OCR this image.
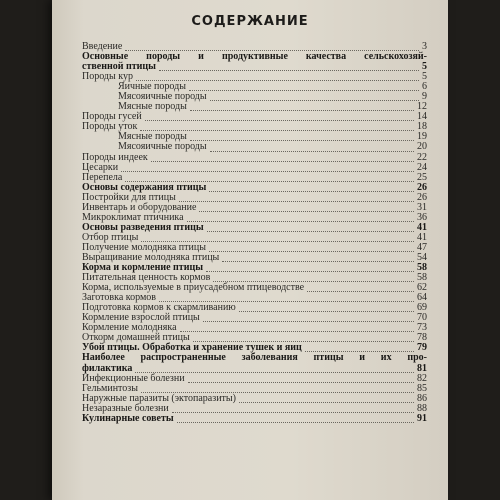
СОДЕРЖАНИЕ
Введение	3
Основные породы и продуктивные качества сельскохозяй-
ственной птицы	5
Породы кур	5
Яичные породы	6
Мясояичные породы	9
Мясные породы	12
Породы гусей	14
Породы уток	18
Мясные породы	19
Мясояичные породы	20
Породы индеек	22
Цесарки	24
Перепела	25
Основы содержания птицы	26
Постройки для птицы	26
Инвентарь и оборудование	31
Микроклимат птичника	36
Основы разведения птицы	41
Отбор птицы	41
Получение молодняка птицы	47
Выращивание молодняка птицы	54
Корма и кормление птицы	58
Питательная ценность кормов	58
Корма, используемые в приусадебном птицеводстве	62
Заготовка кормов	64
Подготовка кормов к скармливанию	69
Кормление взрослой птицы	70
Кормление молодняка	73
Откорм домашней птицы	78
Убой птицы. Обработка и хранение тушек и яиц	79
Наиболее распространенные заболевания птицы и их про-
филактика	81
Инфекционные болезни	82
Гельминтозы	85
Наружные паразиты (эктопаразиты)	86
Незаразные болезни	88
Кулинарные советы	91
